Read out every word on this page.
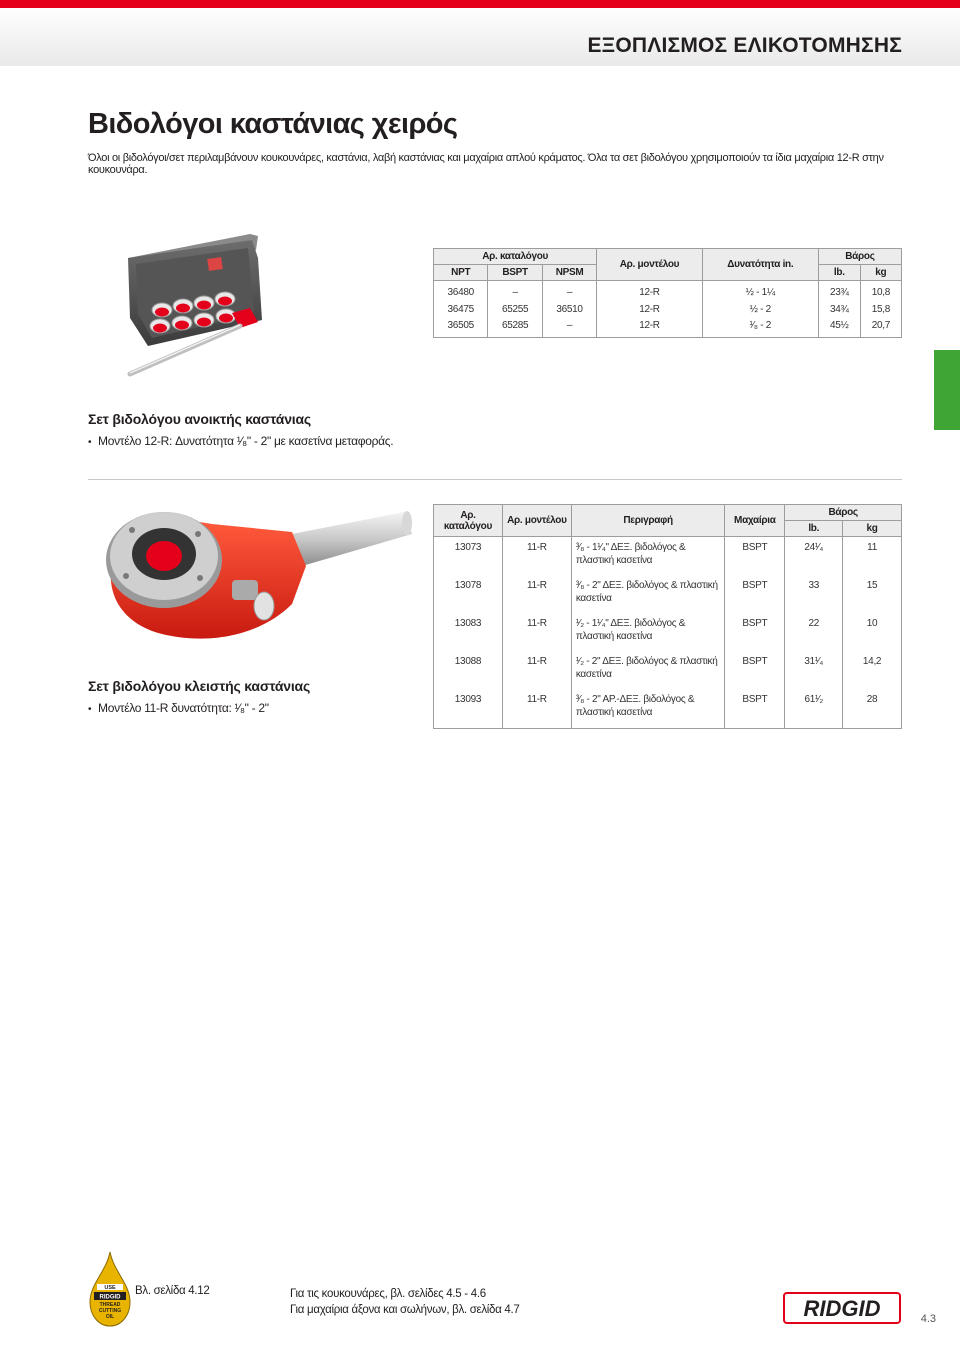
ΕΞΟΠΛΙΣΜΟΣ ΕΛΙΚΟΤΟΜΗΣΗΣ
Βιδολόγοι καστάνιας χειρός

Όλοι οι βιδολόγοι/σετ περιλαμβάνουν κουκουνάρες, καστάνια, λαβή καστάνιας και μαχαίρια απλού κράματος. Όλα τα σετ βιδολόγου χρησιμοποιούν τα ίδια μαχαίρια 12-R στην κουκουνάρα.

Αρ. καταλόγου			Αρ. μοντέλου	Δυνατότητα in.	Βάρος	
NPT	BSPT	NPSM			lb.	kg
36480	–	–	12-R	½ - 1¼	23¾	10,8
36475	65255	36510	12-R	½ - 2	34¾	15,8
36505	65285	–	12-R	¹⁄₈ - 2	45½	20,7
Σετ βιδολόγου ανοικτής καστάνιας
• Μοντέλο 12-R: Δυνατότητα ¹⁄₈" - 2" με κασετίνα μεταφοράς.
Αρ. καταλόγου	Αρ. μοντέλου	Περιγραφή	Μαχαίρια	Βάρος	
				lb.	kg
13073	11-R	³⁄₈ - 1¹⁄₄" ΔΕΞ. βιδολόγος & πλαστική κασετίνα	BSPT	24¹⁄₄	11
13078	11-R	³⁄₈ - 2" ΔΕΞ. βιδολόγος & πλαστική κασετίνα	BSPT	33	15
13083	11-R	¹⁄₂ - 1¹⁄₄" ΔΕΞ. βιδολόγος & πλαστική κασετίνα	BSPT	22	10
13088	11-R	¹⁄₂ - 2" ΔΕΞ. βιδολόγος & πλαστική κασετίνα	BSPT	31¹⁄₄	14,2
13093	11-R	³⁄₈ - 2" ΑΡ.-ΔΕΞ. βιδολόγος & πλαστική κασετίνα	BSPT	61¹⁄₂	28
Σετ βιδολόγου κλειστής καστάνιας
• Μοντέλο 11-R δυνατότητα: ¹⁄₈" - 2"
USE
RIDGID
THREAD
CUTTING
OIL
Βλ. σελίδα 4.12	Για τις κουκουνάρες, βλ. σελίδες 4.5 - 4.6
Για μαχαίρια άξονα και σωλήνων, βλ. σελίδα 4.7	RIDGID	4.3
